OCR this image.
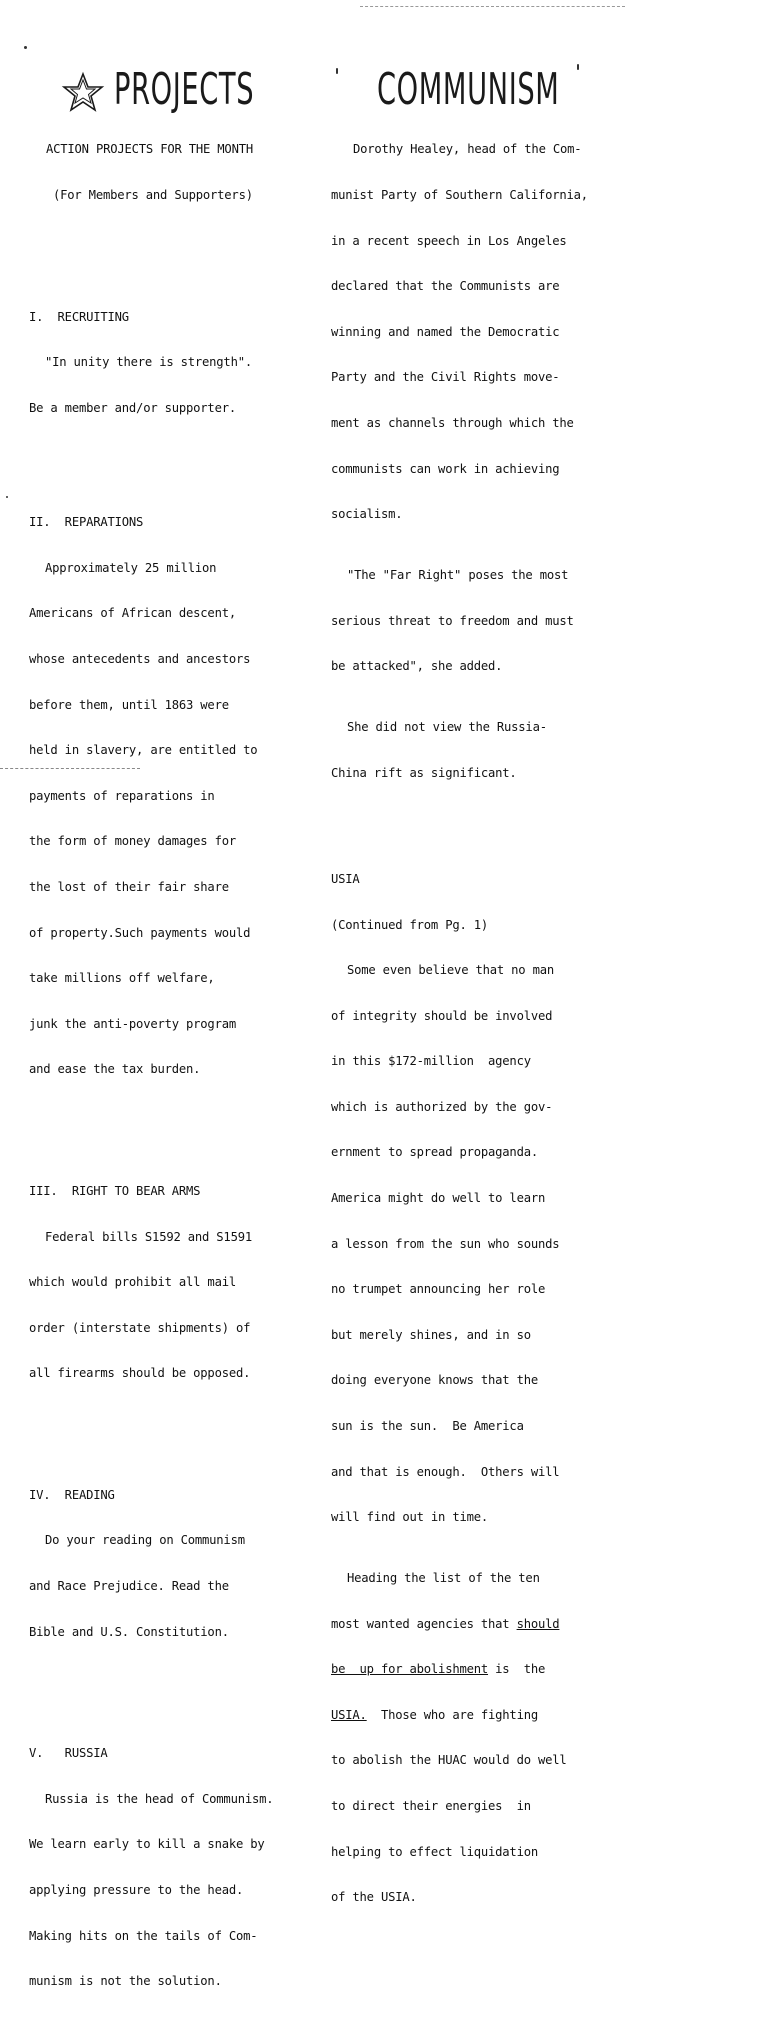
PROJECTS	COMMUNISM

ACTION PROJECTS FOR THE MONTH

(For Members and Supporters)

I.  RECRUITING

"In unity there is strength".

Be a member and/or supporter.

II.  REPARATIONS

Approximately 25 million

Americans of African descent,

whose antecedents and ancestors

before them, until 1863 were

held in slavery, are entitled to

payments of reparations in

the form of money damages for

the lost of their fair share

of property.Such payments would

take millions off welfare,

junk the anti-poverty program

and ease the tax burden.

III.  RIGHT TO BEAR ARMS

Federal bills S1592 and S1591

which would prohibit all mail

order (interstate shipments) of

all firearms should be opposed.

IV.  READING

Do your reading on Communism

and Race Prejudice. Read the

Bible and U.S. Constitution.

V.   RUSSIA

Russia is the head of Communism.

We learn early to kill a snake by

applying pressure to the head.

Making hits on the tails of Com-

munism is not the solution.

Dorothy Healey, head of the Com-

munist Party of Southern California,

in a recent speech in Los Angeles

declared that the Communists are

winning and named the Democratic

Party and the Civil Rights move-

ment as channels through which the

communists can work in achieving

socialism.

"The "Far Right" poses the most

serious threat to freedom and must

be attacked", she added.

She did not view the Russia-

China rift as significant.

USIA

(Continued from Pg. 1)

Some even believe that no man

of integrity should be involved

in this $172-million  agency

which is authorized by the gov-

ernment to spread propaganda.

America might do well to learn

a lesson from the sun who sounds

no trumpet announcing her role

but merely shines, and in so

doing everyone knows that the

sun is the sun.  Be America

and that is enough.  Others will

will find out in time.

Heading the list of the ten

most wanted agencies that should

be  up for abolishment is  the

USIA.  Those who are fighting

to abolish the HUAC would do well

to direct their energies  in

helping to effect liquidation

of the USIA.
